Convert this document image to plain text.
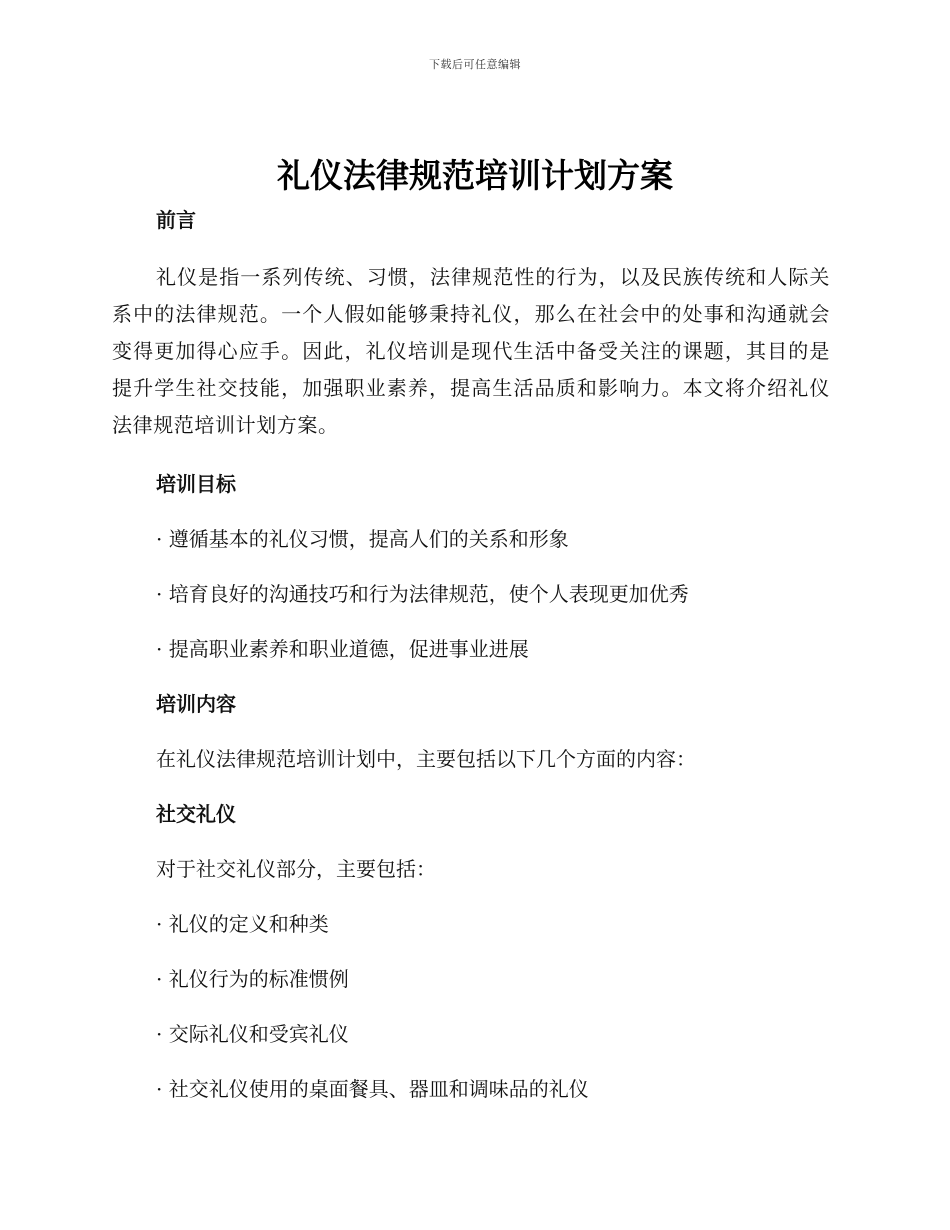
下载后可任意编辑
礼仪法律规范培训计划方案
前言

礼仪是指一系列传统、习惯，法律规范性的行为，以及民族传统和人际关系中的法律规范。一个人假如能够秉持礼仪，那么在社会中的处事和沟通就会变得更加得心应手。因此，礼仪培训是现代生活中备受关注的课题，其目的是提升学生社交技能，加强职业素养，提高生活品质和影响力。本文将介绍礼仪法律规范培训计划方案。

培训目标
· 遵循基本的礼仪习惯，提高人们的关系和形象
· 培育良好的沟通技巧和行为法律规范，使个人表现更加优秀
· 提高职业素养和职业道德，促进事业进展
培训内容
在礼仪法律规范培训计划中，主要包括以下几个方面的内容：
社交礼仪
对于社交礼仪部分，主要包括：
· 礼仪的定义和种类
· 礼仪行为的标准惯例
· 交际礼仪和受宾礼仪
· 社交礼仪使用的桌面餐具、器皿和调味品的礼仪
